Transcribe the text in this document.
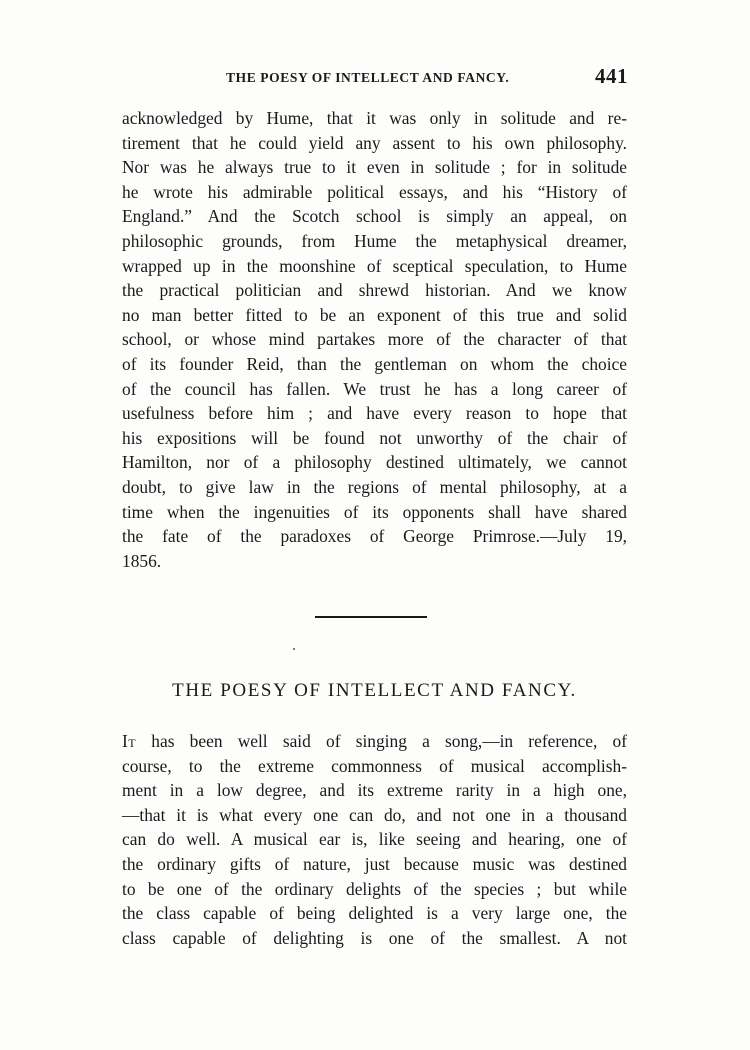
THE POESY OF INTELLECT AND FANCY.	441
acknowledged by Hume, that it was only in solitude and re-
tirement that he could yield any assent to his own philosophy.
Nor was he always true to it even in solitude ; for in solitude
he wrote his admirable political essays, and his “History of
England.” And the Scotch school is simply an appeal, on
philosophic grounds, from Hume the metaphysical dreamer,
wrapped up in the moonshine of sceptical speculation, to Hume
the practical politician and shrewd historian. And we know
no man better fitted to be an exponent of this true and solid
school, or whose mind partakes more of the character of that
of its founder Reid, than the gentleman on whom the choice
of the council has fallen. We trust he has a long career of
usefulness before him ; and have every reason to hope that
his expositions will be found not unworthy of the chair of
Hamilton, nor of a philosophy destined ultimately, we cannot
doubt, to give law in the regions of mental philosophy, at a
time when the ingenuities of its opponents shall have shared
the fate of the paradoxes of George Primrose.—July 19,
1856.
THE POESY OF INTELLECT AND FANCY.
It has been well said of singing a song,—in reference, of
course, to the extreme commonness of musical accomplish-
ment in a low degree, and its extreme rarity in a high one,
—that it is what every one can do, and not one in a thousand
can do well. A musical ear is, like seeing and hearing, one of
the ordinary gifts of nature, just because music was destined
to be one of the ordinary delights of the species ; but while
the class capable of being delighted is a very large one, the
class capable of delighting is one of the smallest. A not
